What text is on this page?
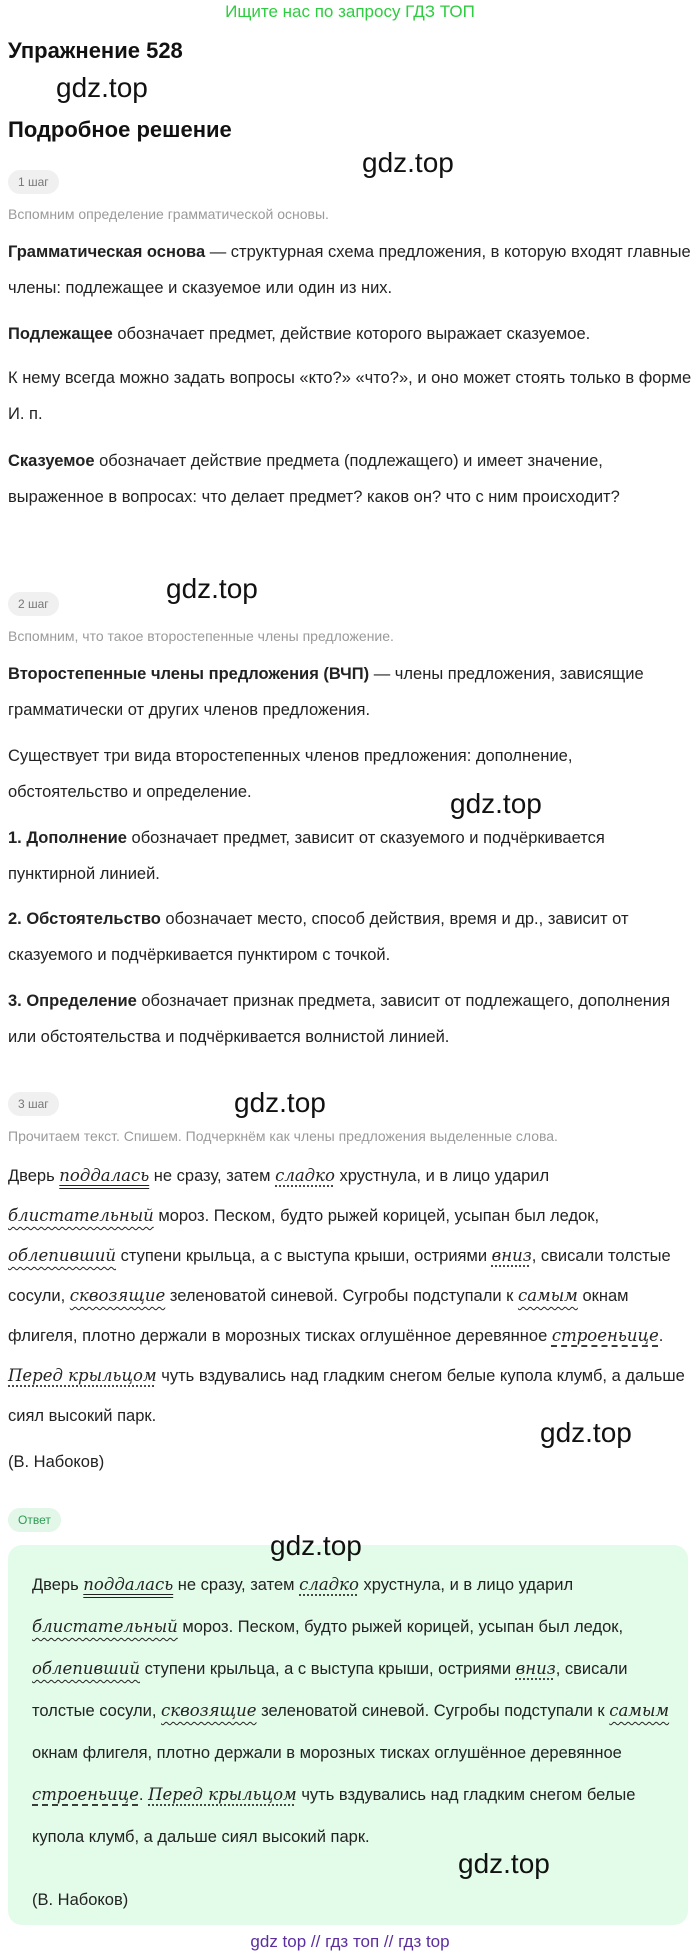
Ищите нас по запросу ГДЗ ТОП
Упражнение 528
gdz.top
Подробное решение
gdz.top
1 шаг
Вспомним определение грамматической основы.
Грамматическая основа — структурная схема предложения, в которую входят главные члены: подлежащее и сказуемое или один из них.
Подлежащее обозначает предмет, действие которого выражает сказуемое.
К нему всегда можно задать вопросы «кто?» «что?», и оно может стоять только в форме И. п.
Сказуемое обозначает действие предмета (подлежащего) и имеет значение, выраженное в вопросах: что делает предмет? каков он? что с ним происходит?
gdz.top
2 шаг
Вспомним, что такое второстепенные члены предложение.
Второстепенные члены предложения (ВЧП) — члены предложения, зависящие грамматически от других членов предложения.
Существует три вида второстепенных членов предложения: дополнение, обстоятельство и определение.	gdz.top
1. Дополнение обозначает предмет, зависит от сказуемого и подчёркивается пунктирной линией.
2. Обстоятельство обозначает место, способ действия, время и др., зависит от сказуемого и подчёркивается пунктиром с точкой.
3. Определение обозначает признак предмета, зависит от подлежащего, дополнения или обстоятельства и подчёркивается волнистой линией.
gdz.top
3 шаг
Прочитаем текст. Спишем. Подчеркнём как члены предложения выделенные слова.
Дверь поддалась не сразу, затем сладко хрустнула, и в лицо ударил блистательный мороз. Песком, будто рыжей корицей, усыпан был ледок, облепивший ступени крыльца, а с выступа крыши, остриями вниз, свисали толстые сосули, сквозящие зеленоватой синевой. Сугробы подступали к самым окнам флигеля, плотно держали в морозных тисках оглушённое деревянное строеньице. Перед крыльцом чуть вздувались над гладким снегом белые купола клумб, а дальше сиял высокий парк.
gdz.top
(В. Набоков)
Ответ
gdz.top
Дверь поддалась не сразу, затем сладко хрустнула, и в лицо ударил блистательный мороз. Песком, будто рыжей корицей, усыпан был ледок, облепивший ступени крыльца, а с выступа крыши, остриями вниз, свисали толстые сосули, сквозящие зеленоватой синевой. Сугробы подступали к самым окнам флигеля, плотно держали в морозных тисках оглушённое деревянное строеньице. Перед крыльцом чуть вздувались над гладким снегом белые купола клумб, а дальше сиял высокий парк.
gdz.top
(В. Набоков)
gdz top // гдз топ // гдз top
